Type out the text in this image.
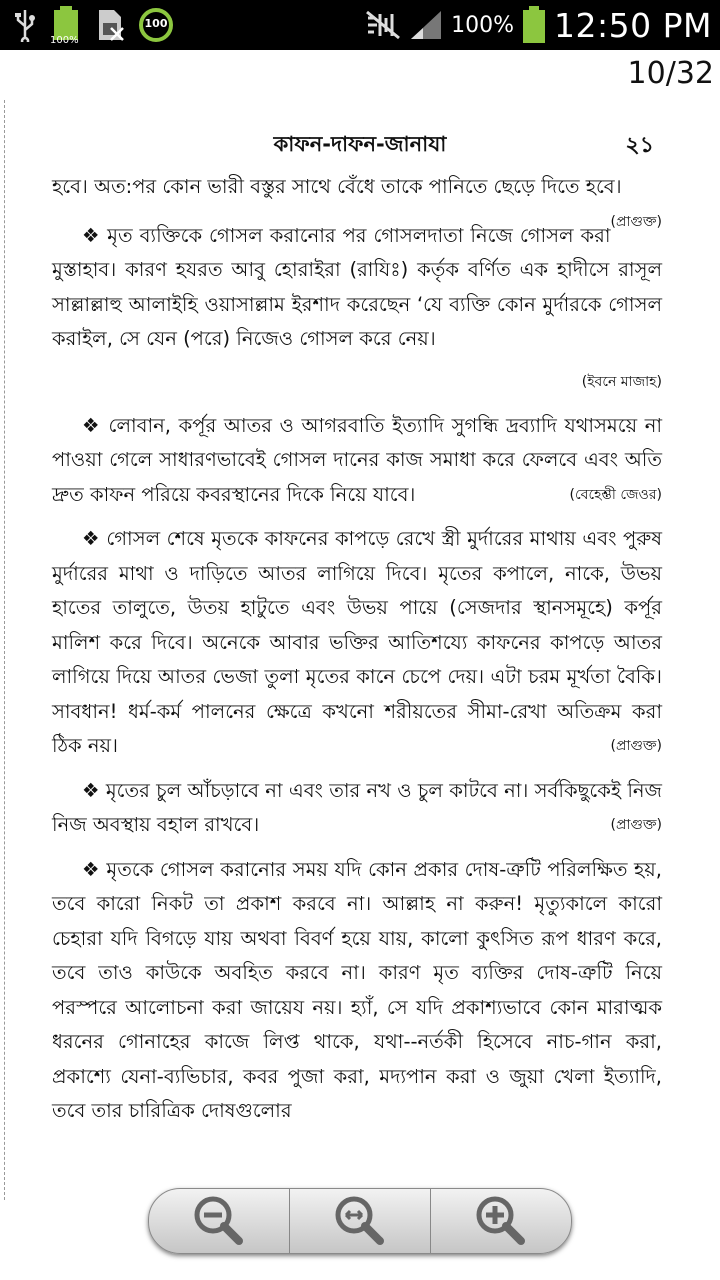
100%
100	100% 12:50 PM
10/32
কাফন-দাফন-জানাযা	২১

হবে। অত:পর কোন ভারী বস্তুর সাথে বেঁধে তাকে পানিতে ছেড়ে দিতে হবে।
(প্রাগুক্ত)

❖ মৃত ব্যক্তিকে গোসল করানোর পর গোসলদাতা নিজে গোসল করা মুস্তাহাব। কারণ হযরত আবু হোরাইরা (রাযিঃ) কর্তৃক বর্ণিত এক হাদীসে রাসূল সাল্লাল্লাহু আলাইহি ওয়াসাল্লাম ইরশাদ করেছেন ‘যে ব্যক্তি কোন মুর্দারকে গোসল করাইল, সে যেন (পরে) নিজেও গোসল করে নেয়।

(ইবনে মাজাহ)

❖ লোবান, কর্পূর আতর ও আগরবাতি ইত্যাদি সুগন্ধি দ্রব্যাদি যথাসময়ে না পাওয়া গেলে সাধারণভাবেই গোসল দানের কাজ সমাধা করে ফেলবে এবং অতি দ্রুত কাফন পরিয়ে কবরস্থানের দিকে নিয়ে যাবে।	(বেহেশ্তী জেওর)

❖ গোসল শেষে মৃতকে কাফনের কাপড়ে রেখে স্ত্রী মুর্দারের মাথায় এবং পুরুষ মুর্দারের মাথা ও দাড়িতে আতর লাগিয়ে দিবে। মৃতের কপালে, নাকে, উভয় হাতের তালুতে, উতয় হাটুতে এবং উভয় পায়ে (সেজদার স্থানসমূহে) কর্পূর মালিশ করে দিবে। অনেকে আবার ভক্তির আতিশয্যে কাফনের কাপড়ে আতর লাগিয়ে দিয়ে আতর ভেজা তুলা মৃতের কানে চেপে দেয়। এটা চরম মূর্খতা বৈকি। সাবধান! ধর্ম-কর্ম পালনের ক্ষেত্রে কখনো শরীয়তের সীমা-রেখা অতিক্রম করা ঠিক নয়।	(প্রাগুক্ত)

❖ মৃতের চুল আঁচড়াবে না এবং তার নখ ও চুল কাটবে না। সর্বকিছুকেই নিজ নিজ অবস্থায় বহাল রাখবে।	(প্রাগুক্ত)

❖ মৃতকে গোসল করানোর সময় যদি কোন প্রকার দোষ-ত্রুটি পরিলক্ষিত হয়, তবে কারো নিকট তা প্রকাশ করবে না। আল্লাহ না করুন! মৃত্যুকালে কারো চেহারা যদি বিগড়ে যায় অথবা বিবর্ণ হয়ে যায়, কালো কুৎসিত রূপ ধারণ করে, তবে তাও কাউকে অবহিত করবে না। কারণ মৃত ব্যক্তির দোষ-ত্রুটি নিয়ে পরস্পরে আলোচনা করা জায়েয নয়। হ্যাঁ, সে যদি প্রকাশ্যভাবে কোন মারাত্মক ধরনের গোনাহের কাজে লিপ্ত থাকে, যথা--নর্তকী হিসেবে নাচ-গান করা, প্রকাশ্যে যেনা-ব্যভিচার, কবর পুজা করা, মদ্যপান করা ও জুয়া খেলা ইত্যাদি, তবে তার চারিত্রিক দোষগুলোর
